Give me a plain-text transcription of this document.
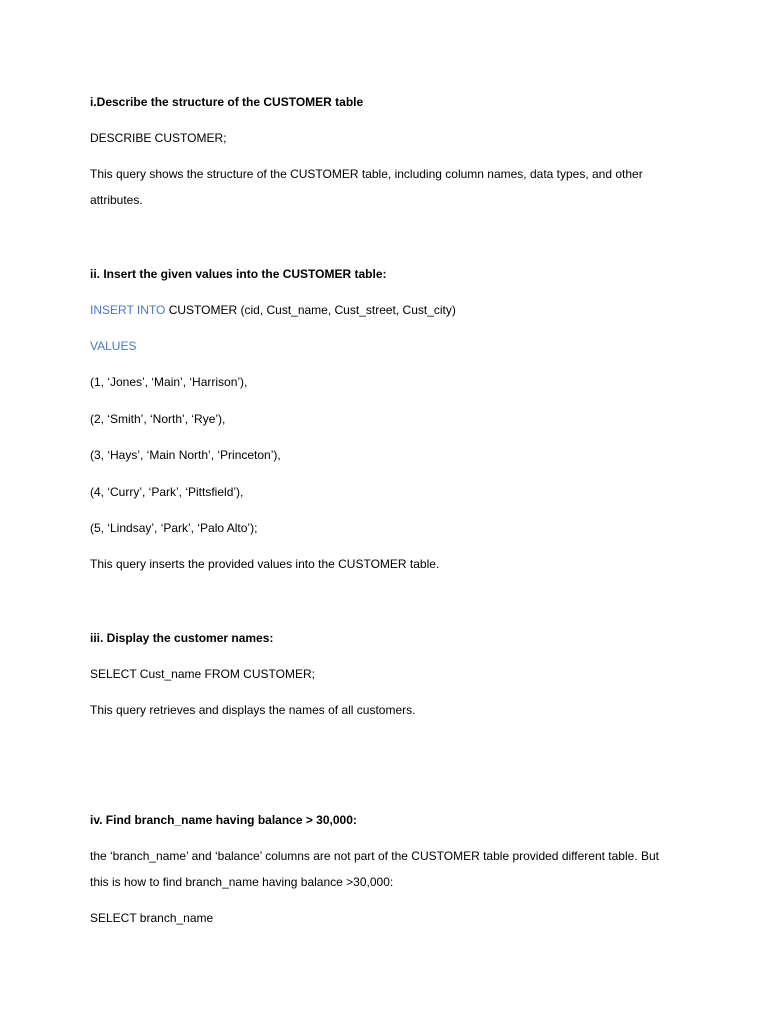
i.Describe the structure of the CUSTOMER table

DESCRIBE CUSTOMER;

This query shows the structure of the CUSTOMER table, including column names, data types, and other attributes.

ii. Insert the given values into the CUSTOMER table:

INSERT INTO CUSTOMER (cid, Cust_name, Cust_street, Cust_city)

VALUES

(1, ‘Jones’, ‘Main’, ‘Harrison’),

(2, ‘Smith’, ‘North’, ‘Rye’),

(3, ‘Hays’, ‘Main North’, ‘Princeton’),

(4, ‘Curry’, ‘Park’, ‘Pittsfield’),

(5, ‘Lindsay’, ‘Park’, ‘Palo Alto’);

This query inserts the provided values into the CUSTOMER table.

iii. Display the customer names:

SELECT Cust_name FROM CUSTOMER;

This query retrieves and displays the names of all customers.

iv. Find branch_name having balance > 30,000:

the ‘branch_name’ and ‘balance’ columns are not part of the CUSTOMER table provided different table. But this is how to find branch_name having balance >30,000:

SELECT branch_name
